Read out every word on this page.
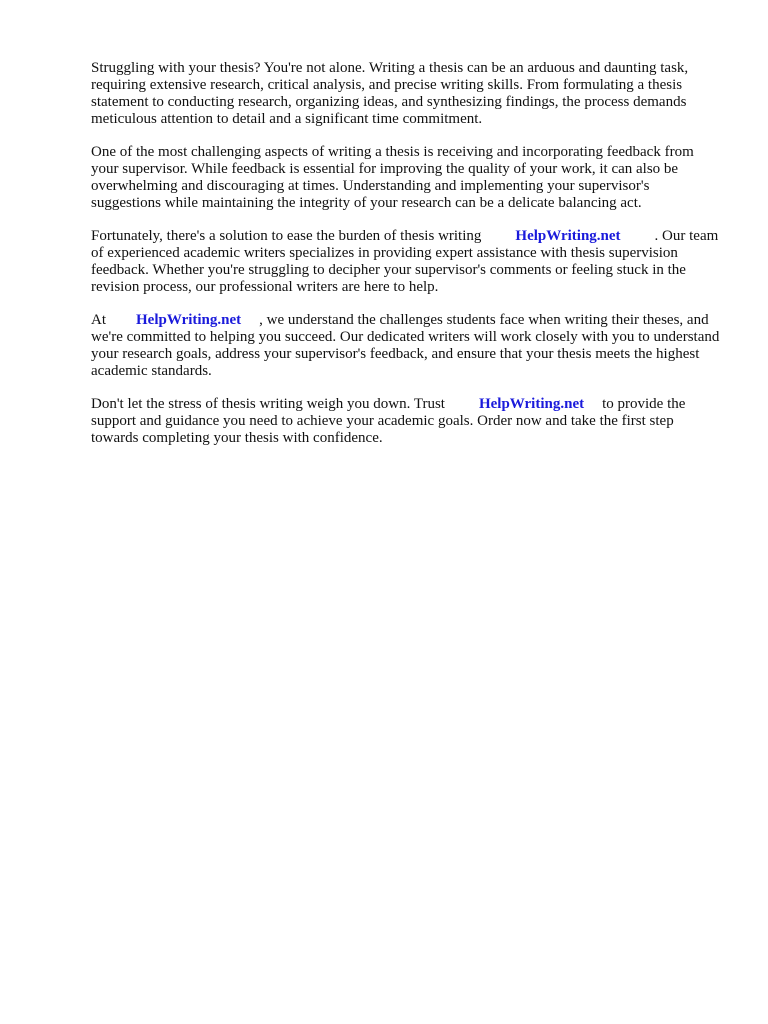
Struggling with your thesis? You're not alone. Writing a thesis can be an arduous and daunting task, requiring extensive research, critical analysis, and precise writing skills. From formulating a thesis statement to conducting research, organizing ideas, and synthesizing findings, the process demands meticulous attention to detail and a significant time commitment.

One of the most challenging aspects of writing a thesis is receiving and incorporating feedback from your supervisor. While feedback is essential for improving the quality of your work, it can also be overwhelming and discouraging at times. Understanding and implementing your supervisor's suggestions while maintaining the integrity of your research can be a delicate balancing act.

Fortunately, there's a solution to ease the burden of thesis writing HelpWriting.net . Our team of experienced academic writers specializes in providing expert assistance with thesis supervision feedback. Whether you're struggling to decipher your supervisor's comments or feeling stuck in the revision process, our professional writers are here to help.

At HelpWriting.net , we understand the challenges students face when writing their theses, and we're committed to helping you succeed. Our dedicated writers will work closely with you to understand your research goals, address your supervisor's feedback, and ensure that your thesis meets the highest academic standards.

Don't let the stress of thesis writing weigh you down. Trust HelpWriting.net to provide the support and guidance you need to achieve your academic goals. Order now and take the first step towards completing your thesis with confidence.
